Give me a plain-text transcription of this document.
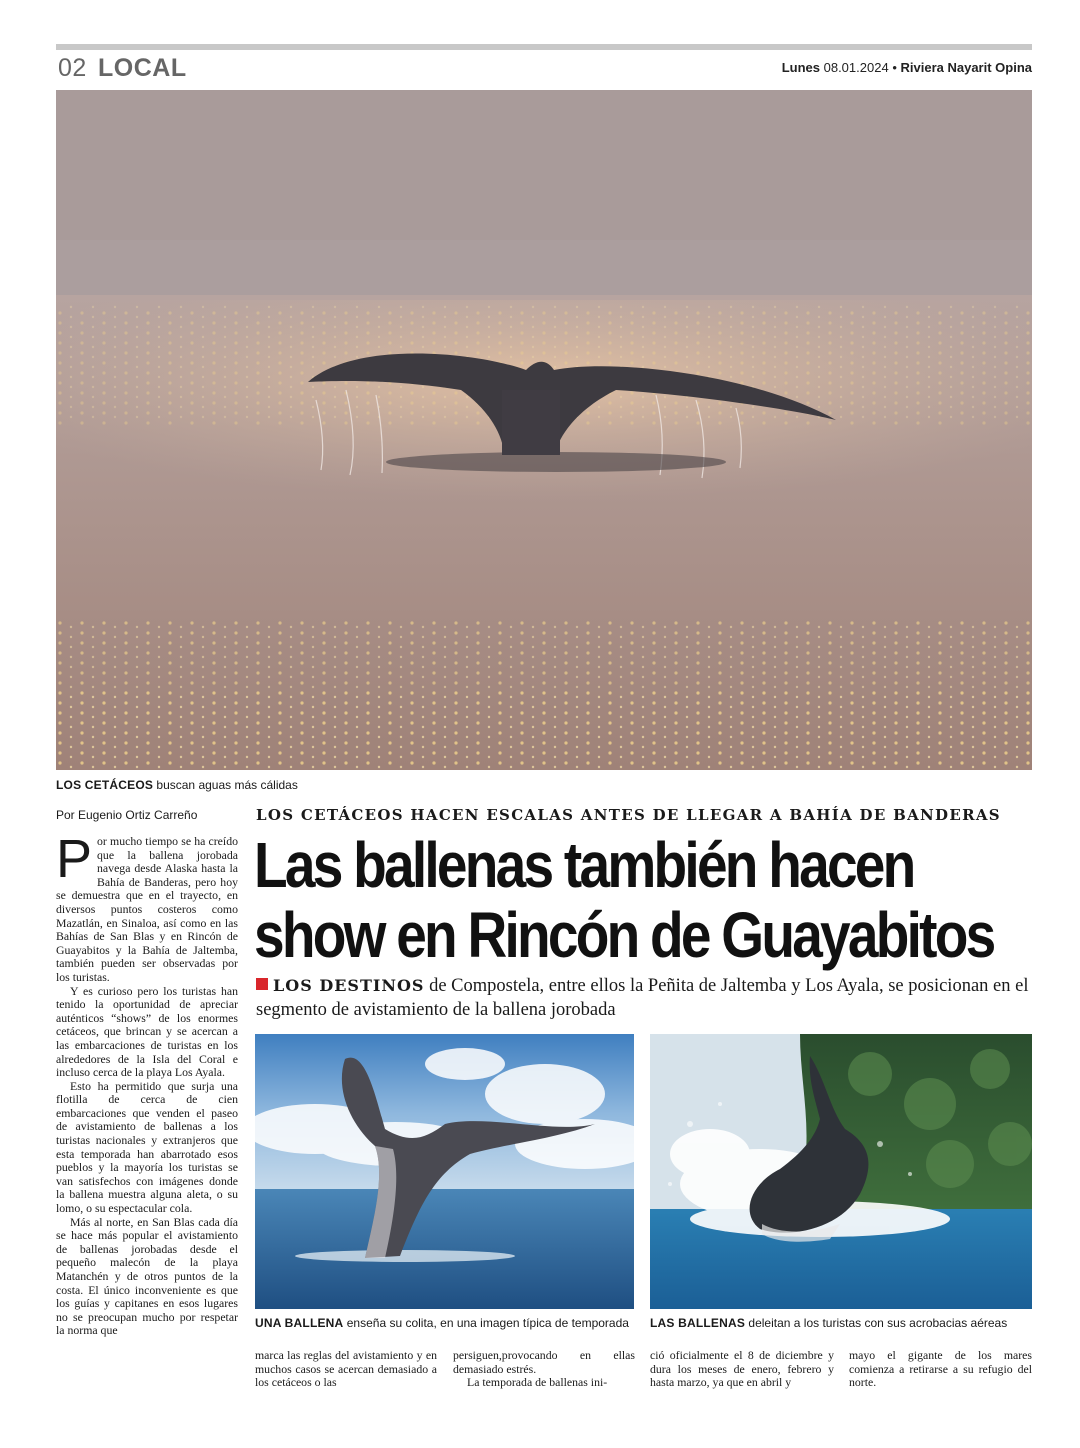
02 LOCAL	Lunes 08.01.2024 • Riviera Nayarit Opina
LOS CETÁCEOS buscan aguas más cálidas
Por Eugenio Ortiz Carreño	LOS CETÁCEOS HACEN ESCALAS ANTES DE LLEGAR A BAHÍA DE BANDERAS
Las ballenas también hacen
show en Rincón de Guayabitos
LOS DESTINOS de Compostela, entre ellos la Peñita de Jaltemba y Los Ayala, se posicionan en el segmento de avistamiento de la ballena jorobada

Por mucho tiempo se ha creído que la ballena jorobada navega desde Alaska hasta la Bahía de Banderas, pero hoy se demuestra que en el trayecto, en diversos puntos costeros como Mazatlán, en Sinaloa, así como en las Bahías de San Blas y en Rincón de Guayabitos y la Bahía de Jaltemba, también pueden ser observadas por los turistas.

Y es curioso pero los turistas han tenido la oportunidad de apreciar auténticos “shows” de los enormes cetáceos, que brincan y se acercan a las embarcaciones de turistas en los alrededores de la Isla del Coral e incluso cerca de la playa Los Ayala.

Esto ha permitido que surja una flotilla de cerca de cien embarcaciones que venden el paseo de avistamiento de ballenas a los turistas nacionales y extranjeros que esta temporada han abarrotado esos pueblos y la mayoría los turistas se van satisfechos con imágenes donde la ballena muestra alguna aleta, o su lomo, o su espectacular cola.

Más al norte, en San Blas cada día se hace más popular el avistamiento de ballenas jorobadas desde el pequeño malecón de la playa Matanchén y de otros puntos de la costa. El único inconveniente es que los guías y capitanes en esos lugares no se preocupan mucho por respetar la norma que

UNA BALLENA enseña su colita, en una imagen típica de temporada LAS BALLENAS deleitan a los turistas con sus acrobacias aéreas

marca las reglas del avistamiento y en muchos casos se acercan demasiado a los cetáceos o las

persiguen,provocando en ellas demasiado estrés.

La temporada de ballenas ini-

ció oficialmente el 8 de diciembre y dura los meses de enero, febrero y hasta marzo, ya que en abril y

mayo el gigante de los mares comienza a retirarse a su refugio del norte.
